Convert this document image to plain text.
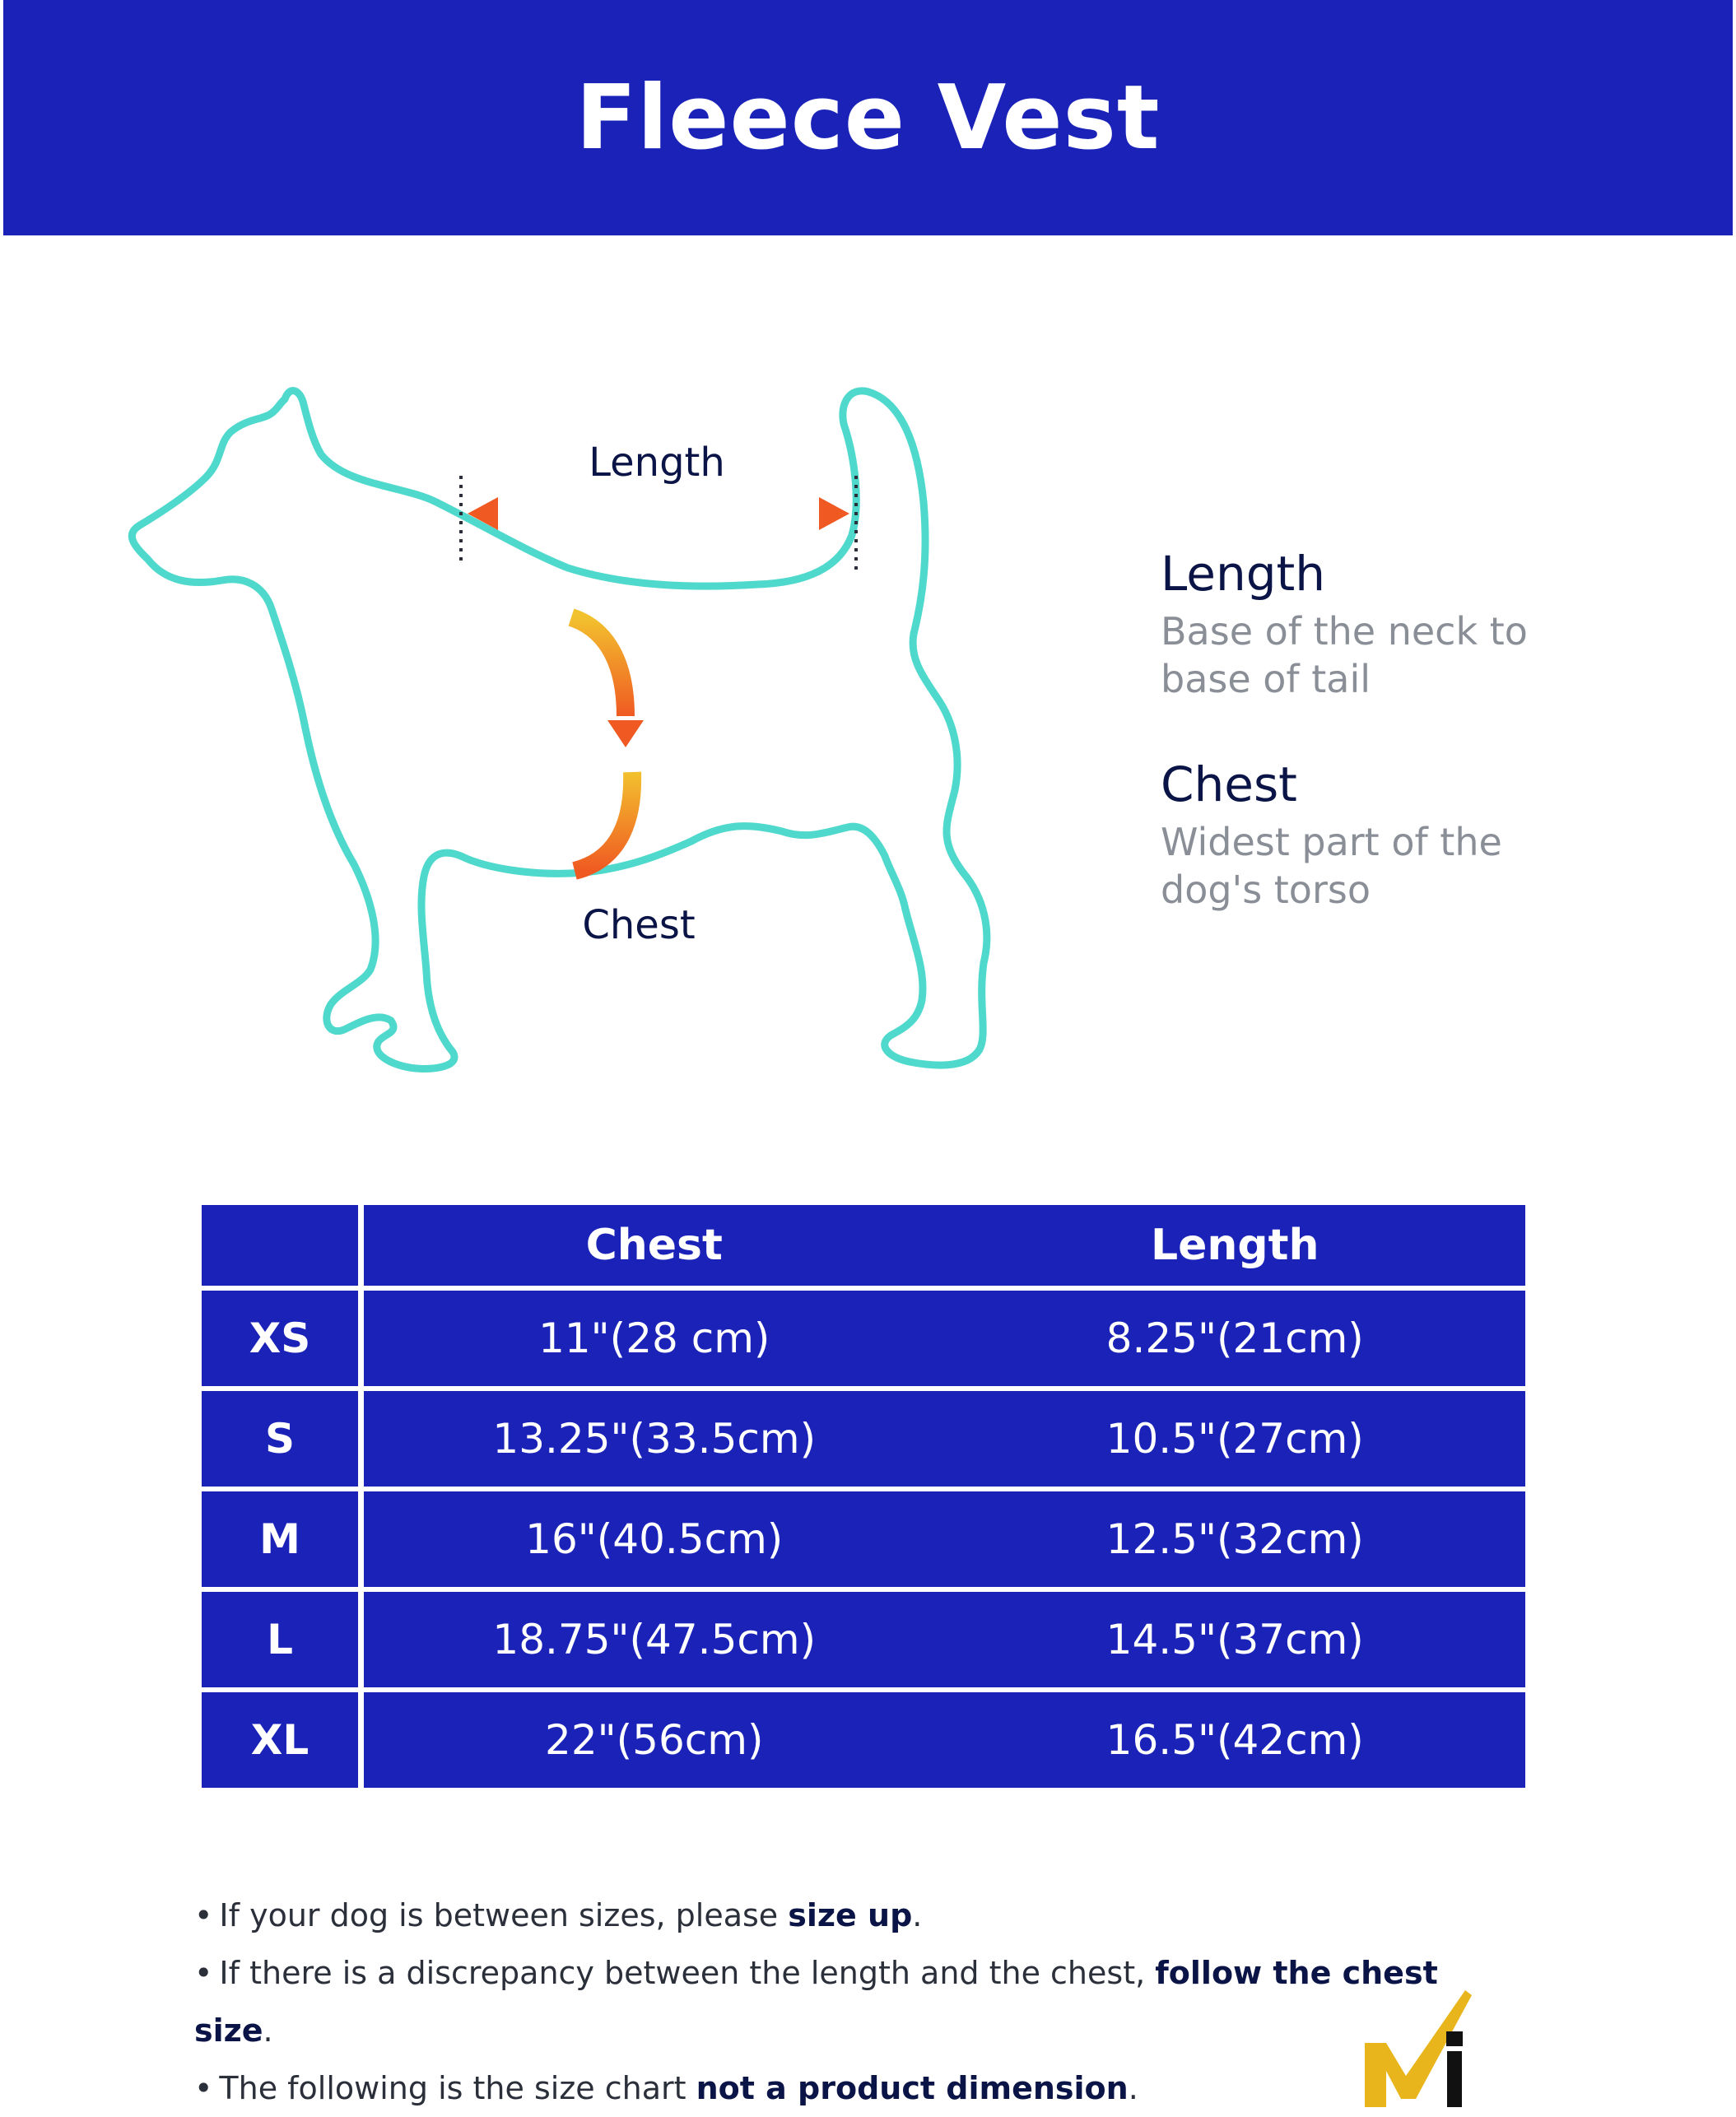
Fleece Vest
Length
Chest
Length
Base of the neck to
base of tail
Chest
Widest part of the
dog's torso
	Chest	Length
XS	11"(28 cm)	8.25"(21cm)
S	13.25"(33.5cm)	10.5"(27cm)
M	16"(40.5cm)	12.5"(32cm)
L	18.75"(47.5cm)	14.5"(37cm)
XL	22"(56cm)	16.5"(42cm)
• If your dog is between sizes, please size up.
• If there is a discrepancy between the length and the chest, follow the chest size.
• The following is the size chart not a product dimension.
